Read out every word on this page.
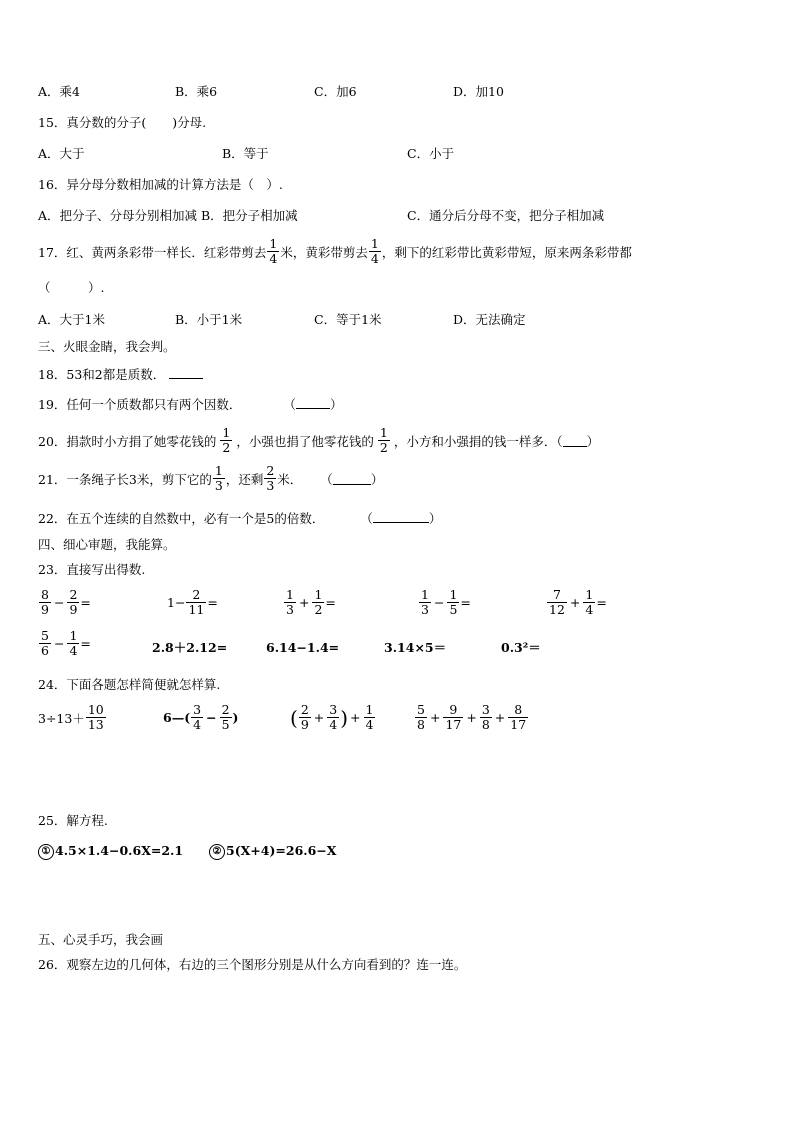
A．乘4	B．乘6	C．加6	D．加10
15．真分数的分子( )分母.
A．大于	B．等于	C．小于
16．异分母分数相加减的计算方法是（　）.
A．把分子、分母分别相加减 B．把分子相加减	C．通分后分母不变，把分子相加减
17．红、黄两条彩带一样长．红彩带剪去 $\frac{1}{4}$ 米，黄彩带剪去 $\frac{1}{4}$ ，剩下的红彩带比黄彩带短，原来两条彩带都
（　　　）.
A．大于1米	B．小于1米	C．等于1米	D．无法确定
三、火眼金睛，我会判。
18．53和2都是质数．
19．任何一个质数都只有两个因数．	（	）
20．捐款时小方捐了她零花钱的 $\frac{1}{2}$ ，小强也捐了他零花钱的 $\frac{1}{2}$ ，小方和小强捐的钱一样多．（ ）
21．一条绳子长3米，剪下它的 $\frac{1}{3}$ ，还剩 $\frac{2}{3}$ 米． （	）
22．在五个连续的自然数中，必有一个是5的倍数．	（	）
四、细心审题，我能算。
23．直接写出得数.
$\frac{8}{9} - \frac{2}{9}$ =	$1- \frac{2}{11}$ =	$\frac{1}{3} + \frac{1}{2}$ =	$\frac{1}{3} - \frac{1}{5}$ =	$\frac{7}{12} + \frac{1}{4}$ =
$\frac{5}{6} - \frac{1}{4}$ =	2.8＋2.12=	6.14−1.4=	3.14×5＝	0.3²＝
24．下面各题怎样简便就怎样算.
$3\div 13+ \frac{10}{13}$	6—( $\frac{3}{4} - \frac{2}{5}$ )	( $\frac{2}{9} + \frac{3}{4}$ ) + $\frac{1}{4}$	$\frac{5}{8} + \frac{9}{17} + \frac{3}{8} + \frac{8}{17}$
25．解方程.
① 4.5×1.4−0.6X=2.1	② 5(X+4)=26.6−X
五、心灵手巧，我会画
26．观察左边的几何体，右边的三个图形分别是从什么方向看到的？连一连。
